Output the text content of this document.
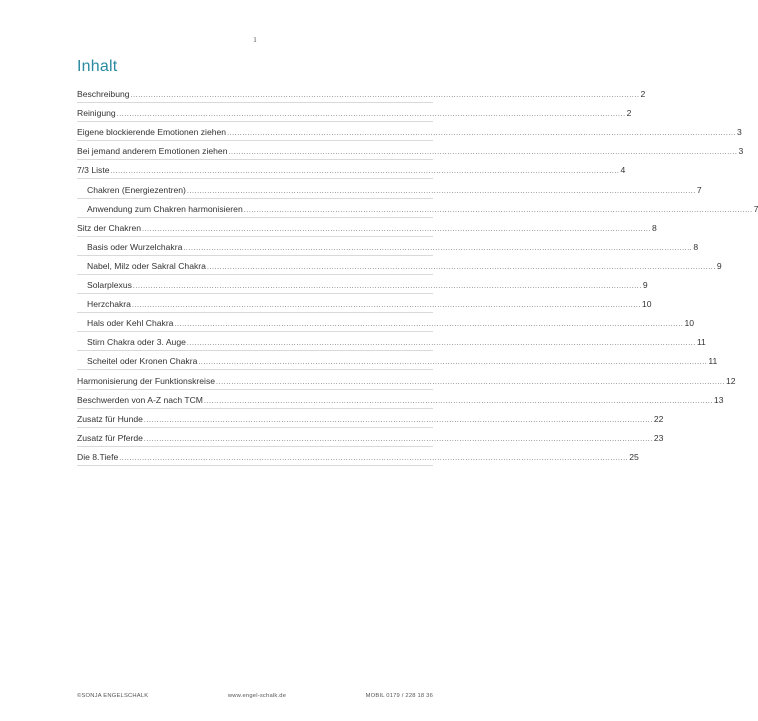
1
Inhalt
Beschreibung ........................................................................................................................................................................................................ 2
Reinigung ........................................................................................................................................................................................................ 2
Eigene blockierende Emotionen ziehen ........................................................................................................................................................................................................ 3
Bei jemand anderem Emotionen ziehen ........................................................................................................................................................................................................ 3
7/3 Liste ........................................................................................................................................................................................................ 4
Chakren (Energiezentren) ........................................................................................................................................................................................................ 7
Anwendung zum Chakren harmonisieren ........................................................................................................................................................................................................ 7
Sitz der Chakren ........................................................................................................................................................................................................ 8
Basis oder Wurzelchakra ........................................................................................................................................................................................................ 8
Nabel, Milz oder Sakral Chakra ........................................................................................................................................................................................................ 9
Solarplexus ........................................................................................................................................................................................................ 9
Herzchakra ........................................................................................................................................................................................................ 10
Hals oder Kehl Chakra ........................................................................................................................................................................................................ 10
Stirn Chakra oder 3. Auge ........................................................................................................................................................................................................ 11
Scheitel oder Kronen Chakra ........................................................................................................................................................................................................ 11
Harmonisierung der Funktionskreise ........................................................................................................................................................................................................ 12
Beschwerden von A-Z nach TCM ........................................................................................................................................................................................................ 13
Zusatz für Hunde ........................................................................................................................................................................................................ 22
Zusatz für Pferde ........................................................................................................................................................................................................ 23
Die 8.Tiefe ........................................................................................................................................................................................................ 25
©SONJA ENGELSCHALK	www.engel-schalk.de	MOBIL 0179 / 228 18 36
